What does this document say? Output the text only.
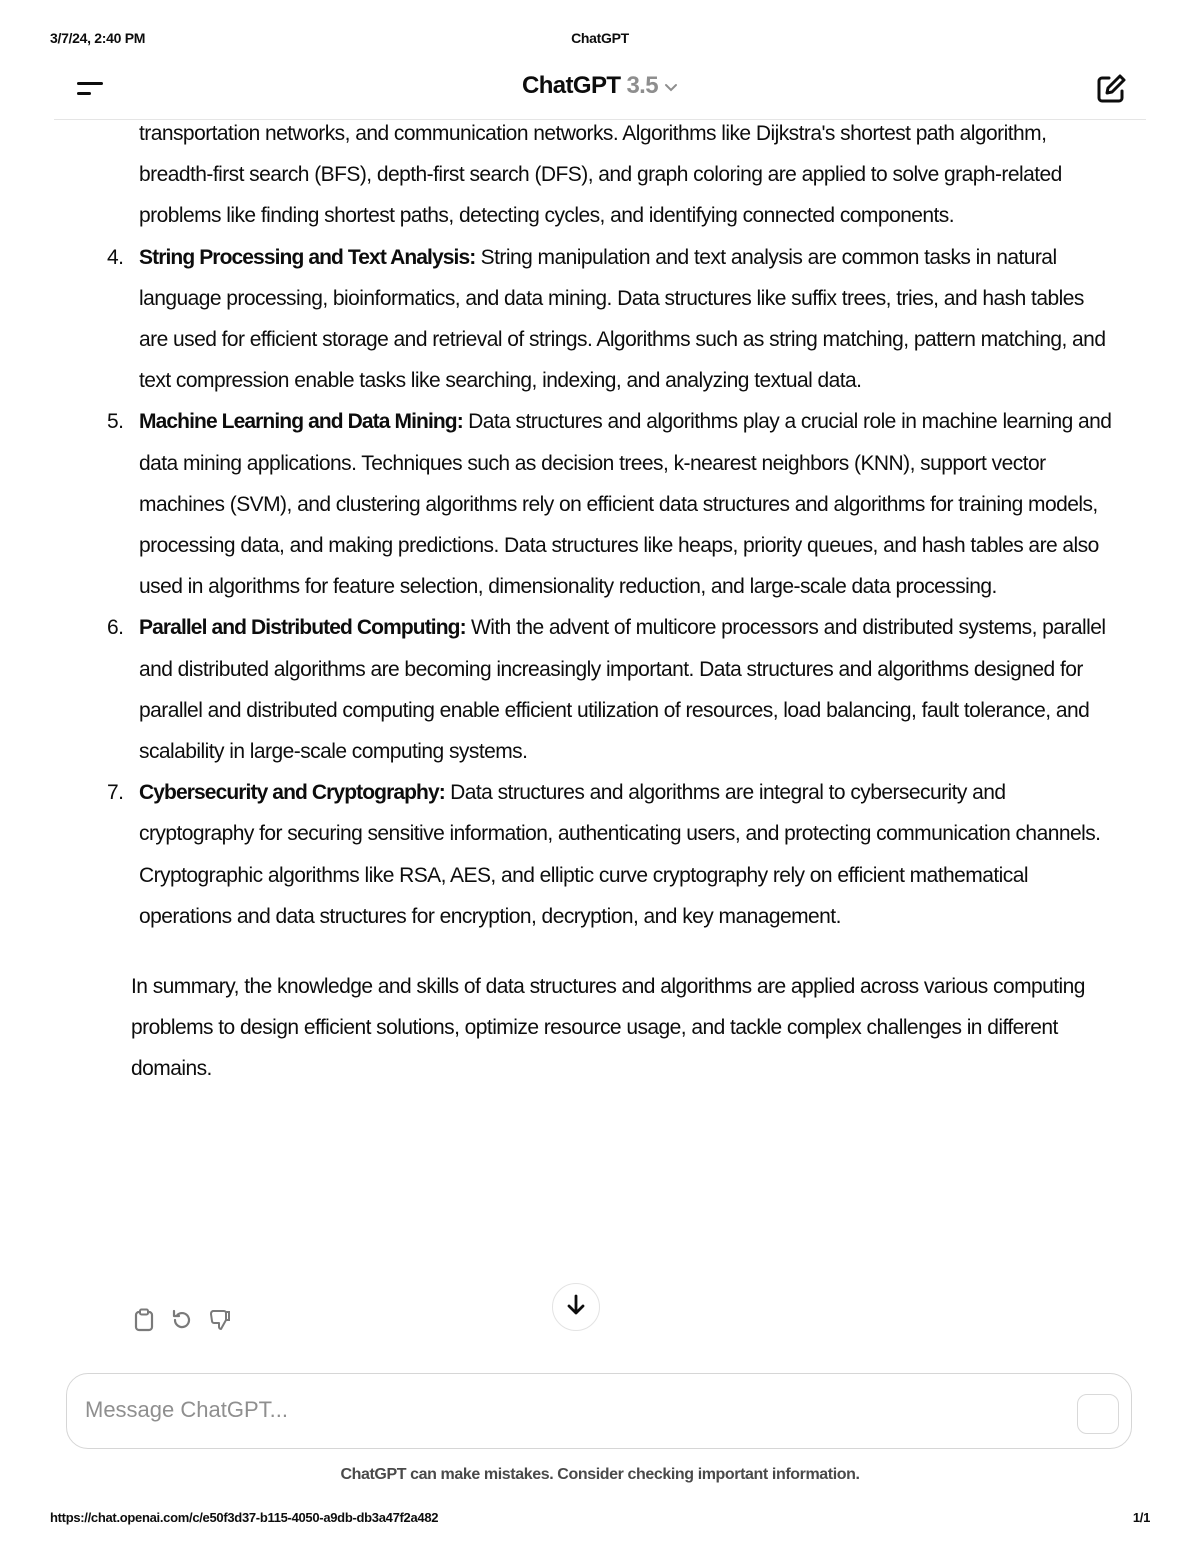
3/7/24, 2:40 PM	ChatGPT
ChatGPT 3.5

transportation networks, and communication networks. Algorithms like Dijkstra's shortest path algorithm, breadth-first search (BFS), depth-first search (DFS), and graph coloring are applied to solve graph-related problems like finding shortest paths, detecting cycles, and identifying connected components.

4. String Processing and Text Analysis: String manipulation and text analysis are common tasks in natural language processing, bioinformatics, and data mining. Data structures like suffix trees, tries, and hash tables are used for efficient storage and retrieval of strings. Algorithms such as string matching, pattern matching, and text compression enable tasks like searching, indexing, and analyzing textual data.
5. Machine Learning and Data Mining: Data structures and algorithms play a crucial role in machine learning and data mining applications. Techniques such as decision trees, k-nearest neighbors (KNN), support vector machines (SVM), and clustering algorithms rely on efficient data structures and algorithms for training models, processing data, and making predictions. Data structures like heaps, priority queues, and hash tables are also used in algorithms for feature selection, dimensionality reduction, and large-scale data processing.
6. Parallel and Distributed Computing: With the advent of multicore processors and distributed systems, parallel and distributed algorithms are becoming increasingly important. Data structures and algorithms designed for parallel and distributed computing enable efficient utilization of resources, load balancing, fault tolerance, and scalability in large-scale computing systems.
7. Cybersecurity and Cryptography: Data structures and algorithms are integral to cybersecurity and cryptography for securing sensitive information, authenticating users, and protecting communication channels. Cryptographic algorithms like RSA, AES, and elliptic curve cryptography rely on efficient mathematical operations and data structures for encryption, decryption, and key management.

In summary, the knowledge and skills of data structures and algorithms are applied across various computing problems to design efficient solutions, optimize resource usage, and tackle complex challenges in different domains.

Message ChatGPT...
ChatGPT can make mistakes. Consider checking important information.
https://chat.openai.com/c/e50f3d37-b115-4050-a9db-db3a47f2a482	1/1
